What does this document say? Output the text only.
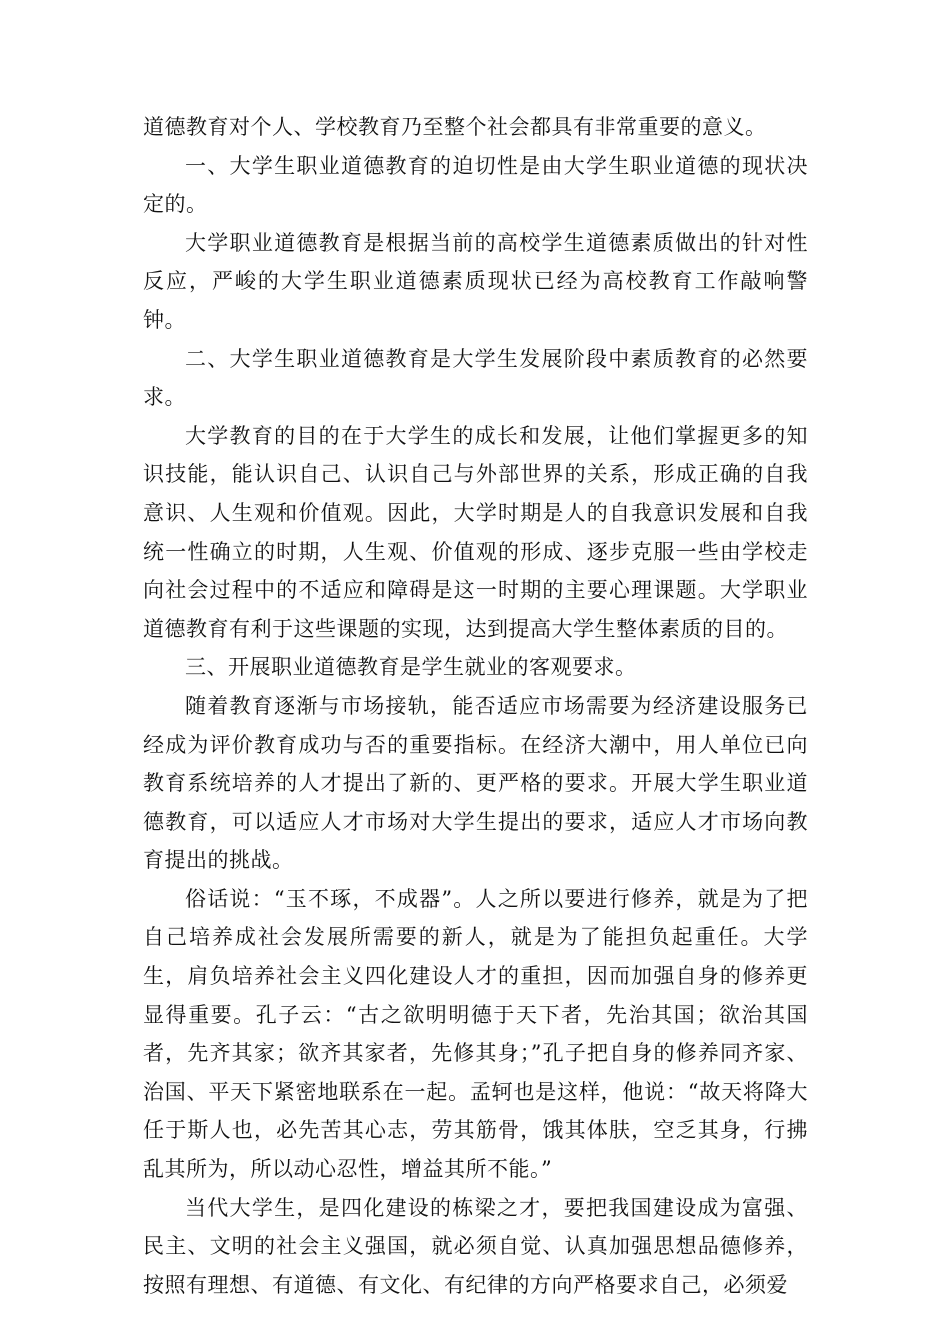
道德教育对个人、学校教育乃至整个社会都具有非常重要的意义。

一、大学生职业道德教育的迫切性是由大学生职业道德的现状决定的。

大学职业道德教育是根据当前的高校学生道德素质做出的针对性反应，严峻的大学生职业道德素质现状已经为高校教育工作敲响警钟。

二、大学生职业道德教育是大学生发展阶段中素质教育的必然要求。

大学教育的目的在于大学生的成长和发展，让他们掌握更多的知识技能，能认识自己、认识自己与外部世界的关系，形成正确的自我意识、人生观和价值观。因此，大学时期是人的自我意识发展和自我统一性确立的时期，人生观、价值观的形成、逐步克服一些由学校走向社会过程中的不适应和障碍是这一时期的主要心理课题。大学职业道德教育有利于这些课题的实现，达到提高大学生整体素质的目的。

三、开展职业道德教育是学生就业的客观要求。

随着教育逐渐与市场接轨，能否适应市场需要为经济建设服务已经成为评价教育成功与否的重要指标。在经济大潮中，用人单位已向教育系统培养的人才提出了新的、更严格的要求。开展大学生职业道德教育，可以适应人才市场对大学生提出的要求，适应人才市场向教育提出的挑战。

俗话说：“玉不琢，不成器”。人之所以要进行修养，就是为了把自己培养成社会发展所需要的新人，就是为了能担负起重任。大学生，肩负培养社会主义四化建设人才的重担，因而加强自身的修养更显得重要。孔子云：“古之欲明明德于天下者，先治其国；欲治其国者，先齐其家；欲齐其家者，先修其身；”孔子把自身的修养同齐家、治国、平天下紧密地联系在一起。孟轲也是这样，他说：“故天将降大任于斯人也，必先苦其心志，劳其筋骨，饿其体肤，空乏其身，行拂乱其所为，所以动心忍性，增益其所不能。”

当代大学生，是四化建设的栋梁之才，要把我国建设成为富强、民主、文明的社会主义强国，就必须自觉、认真加强思想品德修养，按照有理想、有道德、有文化、有纪律的方向严格要求自己，必须爱
